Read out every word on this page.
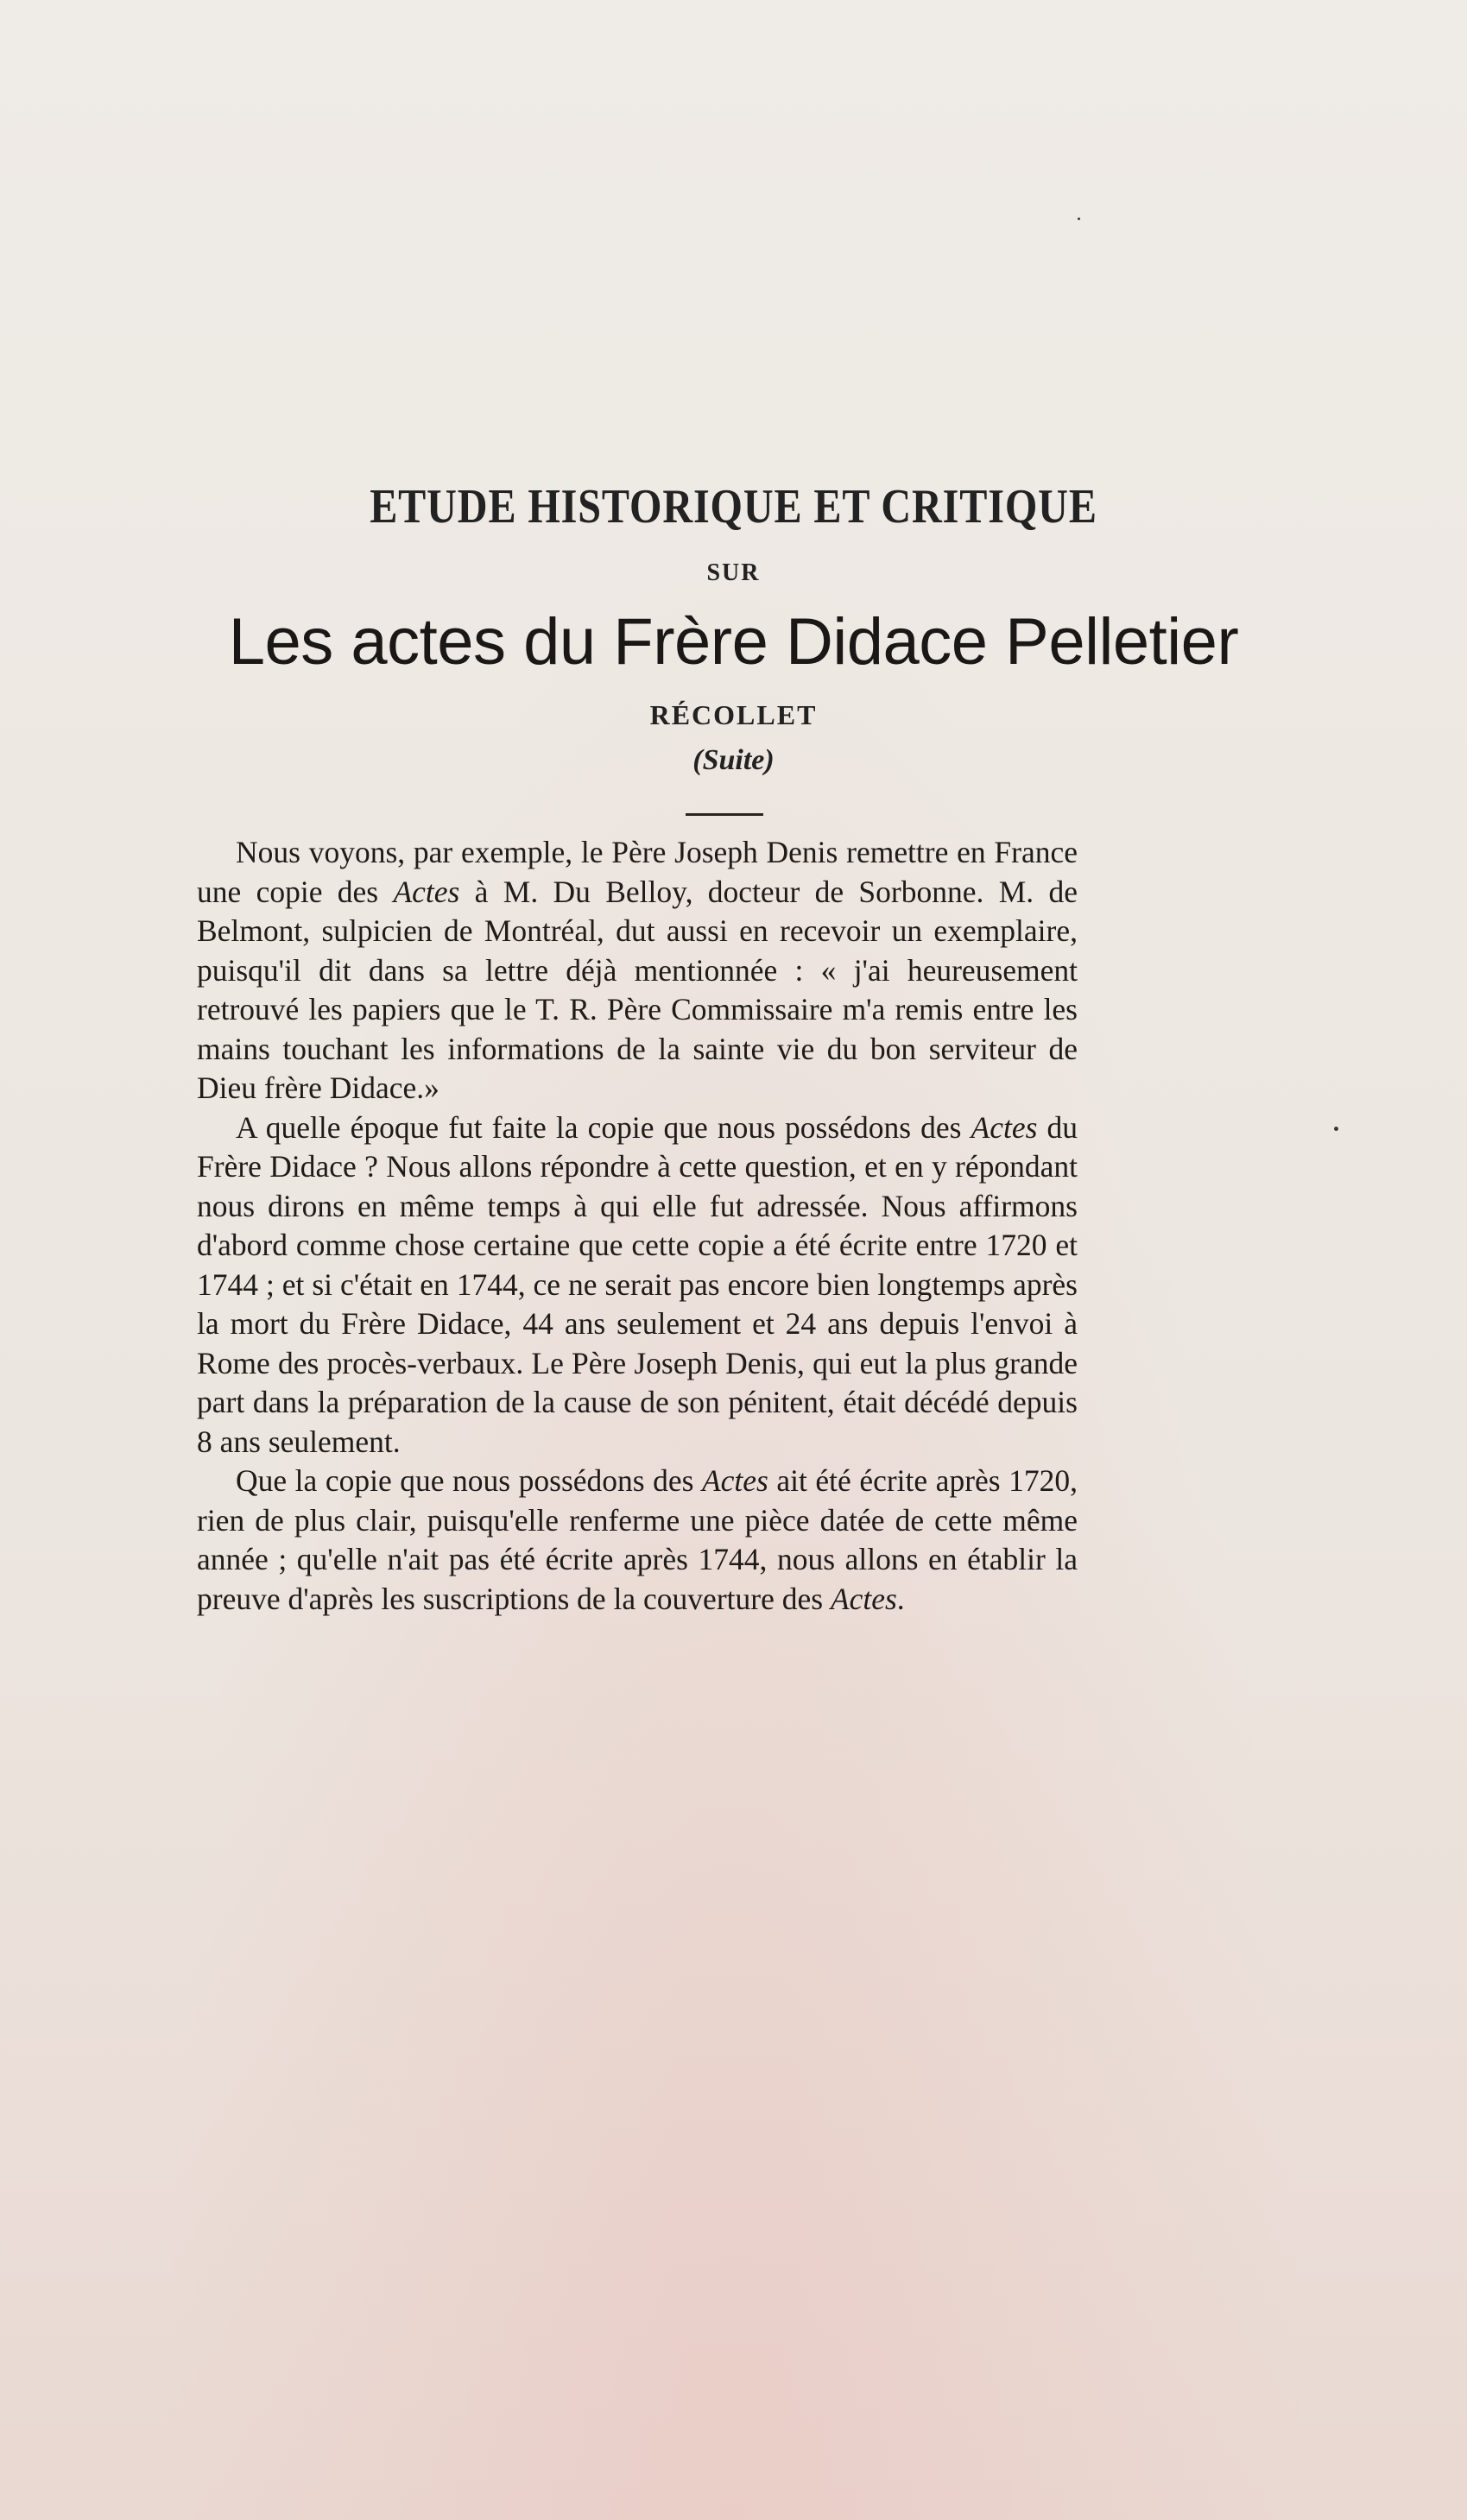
ETUDE HISTORIQUE ET CRITIQUE
SUR
Les actes du Frère Didace Pelletier
RÉCOLLET
(Suite)

Nous voyons, par exemple, le Père Joseph Denis remettre en France une copie des Actes à M. Du Belloy, docteur de Sorbonne. M. de Belmont, sulpicien de Montréal, dut aussi en recevoir un exemplaire, puisqu'il dit dans sa lettre déjà mentionnée : « j'ai heureusement retrouvé les papiers que le T. R. Père Commissaire m'a remis entre les mains touchant les informations de la sainte vie du bon serviteur de Dieu frère Didace.»

A quelle époque fut faite la copie que nous possédons des Actes du Frère Didace ? Nous allons répondre à cette question, et en y répondant nous dirons en même temps à qui elle fut adressée. Nous affirmons d'abord comme chose certaine que cette copie a été écrite entre 1720 et 1744 ; et si c'était en 1744, ce ne serait pas encore bien longtemps après la mort du Frère Didace, 44 ans seulement et 24 ans depuis l'envoi à Rome des procès-verbaux. Le Père Joseph Denis, qui eut la plus grande part dans la préparation de la cause de son pénitent, était décédé depuis 8 ans seulement.

Que la copie que nous possédons des Actes ait été écrite après 1720, rien de plus clair, puisqu'elle renferme une pièce datée de cette même année ; qu'elle n'ait pas été écrite après 1744, nous allons en établir la preuve d'après les suscriptions de la couverture des Actes.
